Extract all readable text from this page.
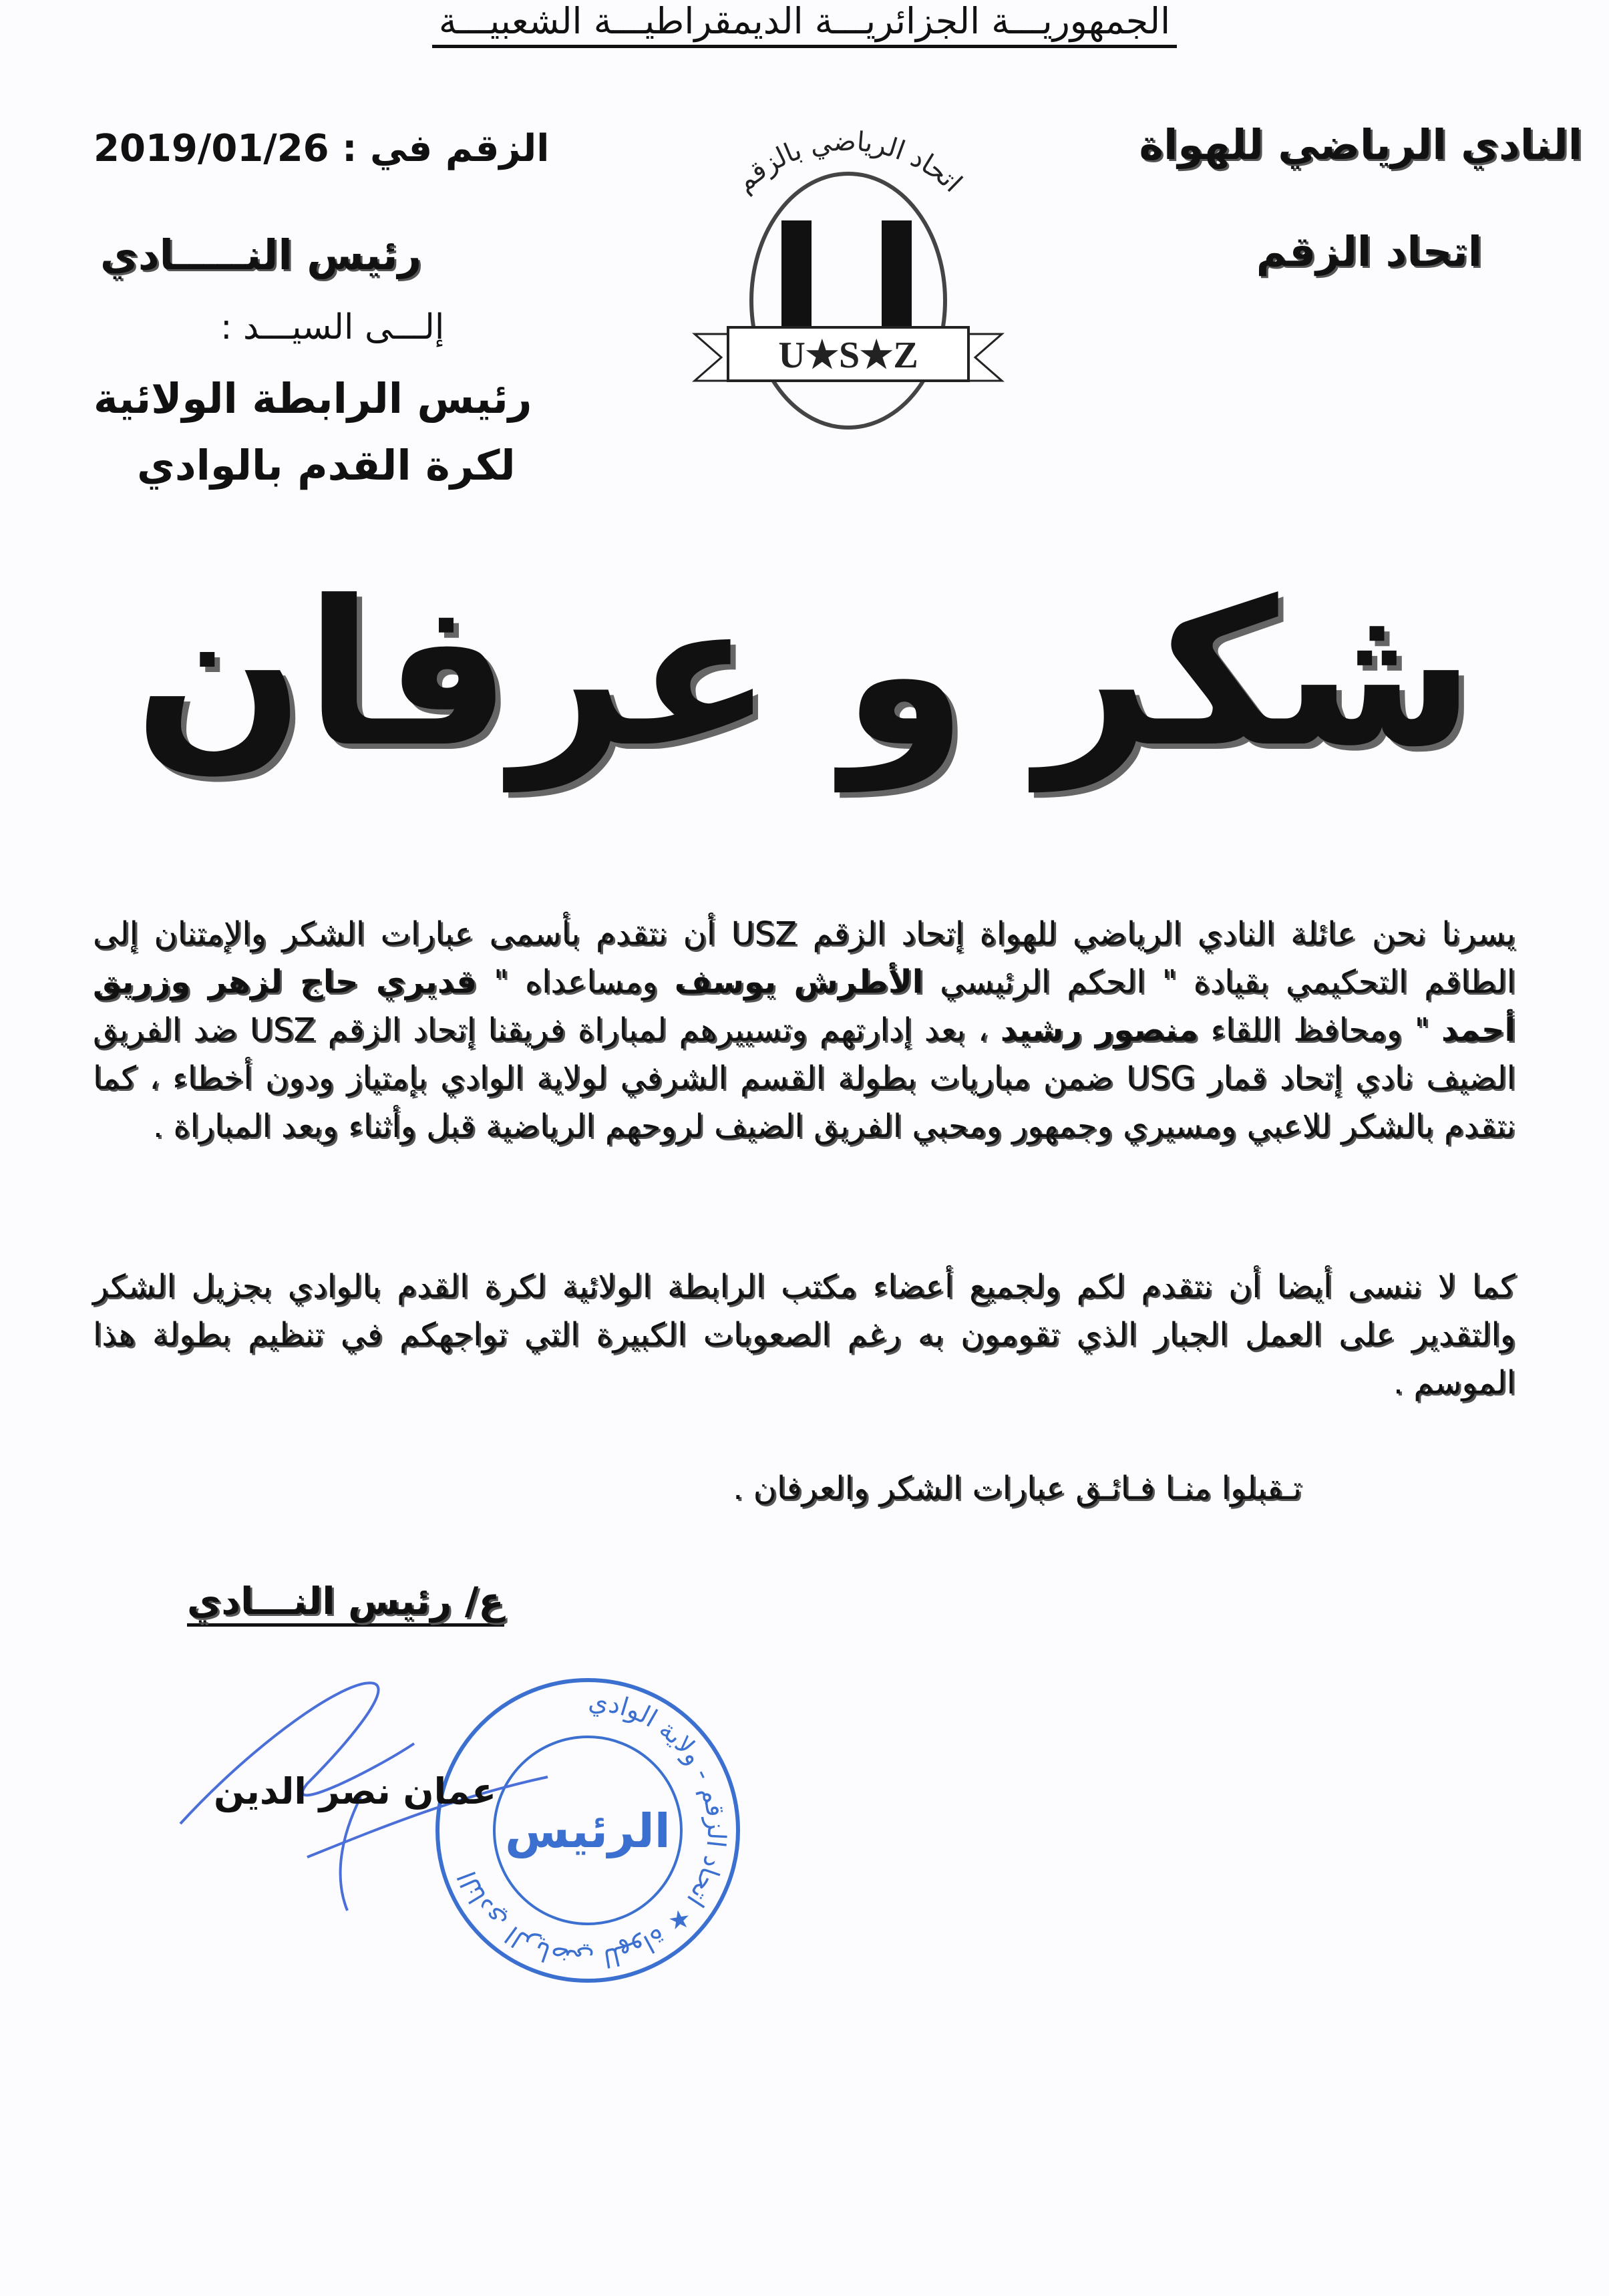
الجمهوريـــة الجزائريـــة الديمقراطيـــة الشعبيـــة
النادي الرياضي للهواة
اتحاد الزقم
الزقم في : 2019/01/26
رئيس النـــــادي
إلـــى السيـــد :
رئيس الرابطة الولائية
لكرة القدم بالوادي
U★S★Z
اتحاد الرياضي بالزقم
شكر و عرفان
يسرنا نحن عائلة النادي الرياضي للهواة إتحاد الزقم USZ أن نتقدم بأسمى عبارات الشكر والإمتنان إلى الطاقم التحكيمي بقيادة " الحكم الرئيسي الأطرش يوسف ومساعداه " قديري حاج لزهر وزريق أحمد " ومحافظ اللقاء منصور رشيد ، بعد إدارتهم وتسييرهم لمباراة فريقنا إتحاد الزقم USZ ضد الفريق الضيف نادي إتحاد قمار USG ضمن مباريات بطولة القسم الشرفي لولاية الوادي بإمتياز ودون أخطاء ، كما نتقدم بالشكر للاعبي ومسيري وجمهور ومحبي الفريق الضيف لروحهم الرياضية قبل وأثناء وبعد المباراة .
كما لا ننسى أيضا أن نتقدم لكم ولجميع أعضاء مكتب الرابطة الولائية لكرة القدم بالوادي بجزيل الشكر والتقدير على العمل الجبار الذي تقومون به رغم الصعوبات الكبيرة التي تواجهكم في تنظيم بطولة هذا الموسم .
تـقبلوا منـا فـائـق عبارات الشكر والعرفان .
ع/ رئيس النـــادي
النادي الرياضي للهواة ★ اتحاد الزقم - ولاية الوادي
الرئيس
عمان نصر الدين
